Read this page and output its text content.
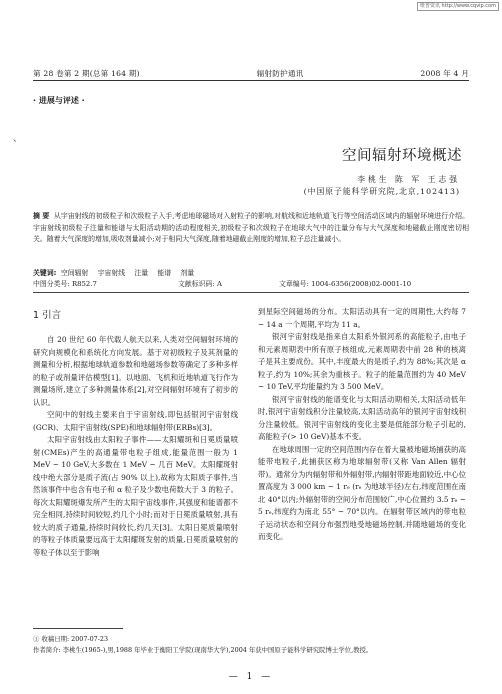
维普资讯 http://www.cqvip.com
第 28 卷第 2 期(总第 164 期)	辐射防护通讯	2008 年 4 月
· 进展与评述 ·
、
空间辐射环境概述
李桃生 陈 军 王志强
(中国原子能科学研究院,北京,102413)
摘 要 从宇宙射线的初级粒子和次级粒子入手,考虑地球磁场对入射粒子的影响,对航线和近地轨道飞行等空间活动区域内的辐射环境进行介绍。宇宙射线初级粒子注量和能谱与太阳活动期的活动程度相关,初级粒子和次级粒子在地球大气中的注量分布与大气深度和地磁截止刚度密切相关。随着大气深度的增加,吸收剂量减小;对于相同大气深度,随着地磁截止刚度的增加,粒子总注量减小。
关键词: 空间辐射 宇宙射线 注量 能谱 剂量
中图分类号: R852.7	文献标识码: A	文章编号: 1004-6356(2008)02-0001-10
1 引言

自 20 世纪 60 年代载人航天以来,人类对空间辐射环境的研究向规模化和系统化方向发展。基于对初级粒子及其剂量的测量和分析,根据地球轨道参数和地磁场参数等确定了多种多样的粒子或剂量评估模型[1]。以地面、飞机和近地轨道飞行作为测量场所,建立了多种测量体系[2],对空间辐射环境有了初步的认识。

空间中的射线主要来自于宇宙射线,即包括银河宇宙射线(GCR)、太阳宇宙射线(SPE)和地球辐射带(ERBs)[3]。

太阳宇宙射线由太阳粒子事件——太阳耀斑和日冕质量喷射(CMEs)产生的高通量带电粒子组成,能量范围一般为 1 MeV ~ 10 GeV,大多数在 1 MeV ~ 几百 MeV。太阳耀斑射线中绝大部分是质子流(占 90% 以上),故称为太阳质子事件,当然该事件中也含有电子和 α 粒子及少数电荷数大于 3 的粒子。每次太阳耀斑爆发所产生的太阳宇宙线事件,其强度和能谱都不完全相同,持续时间较短,约几个小时;而对于日冕质量喷射,具有较大的质子通量,持续时间较长,约几天[3]。太阳日冕质量喷射的等粒子体质量要远高于太阳耀斑发射的质量,日冕质量喷射的等粒子体以至于影响

到星际空间磁场的分布。太阳活动具有一定的周期性,大约每 7 ~ 14 a 一个周期,平均为 11 a。

银河宇宙射线是指来自太阳系外银河系的高能粒子,由电子和元素周期表中所有原子核组成,元素周期表中前 28 种的核离子是其主要成份。其中,丰度最大的是质子,约为 88%;其次是 α 粒子,约为 10%;其余为重核子。粒子的能量范围约为 40 MeV ~ 10 TeV,平均能量约为 3 500 MeV。

银河宇宙射线的能谱变化与太阳活动期相关,太阳活动低年时,银河宇宙射线积分注量较高,太阳活动高年的银河宇宙射线积分注量较低。银河宇宙射线的变化主要是低能部分粒子引起的,高能粒子(> 10 GeV)基本不变。

在地球周围一定的空间范围内存在着大量被地磁场捕获的高能带电粒子,此捕获区称为地球辐射带(又称 Van Allen 辐射带)。通常分为内辐射带和外辐射带,内辐射带距地面较近,中心位置高度为 3 000 km ~ 1 rₑ (rₑ 为地球半径)左右,纬度范围在南北 40°以内;外辐射带的空间分布范围较广,中心位置约 3.5 rₑ ~ 5 rₑ,纬度约为南北 55° ~ 70°以内。在辐射带区域内的带电粒子运动状态和空间分布强烈地受地磁场控制,并随地磁场的变化而变化。

① 收稿日期: 2007-07-23
作者简介: 李桃生(1965-),男,1988 年毕业于衡阳工学院(现南华大学),2004 年获中国原子能科学研究院博士学位,教授。
— 1 —
